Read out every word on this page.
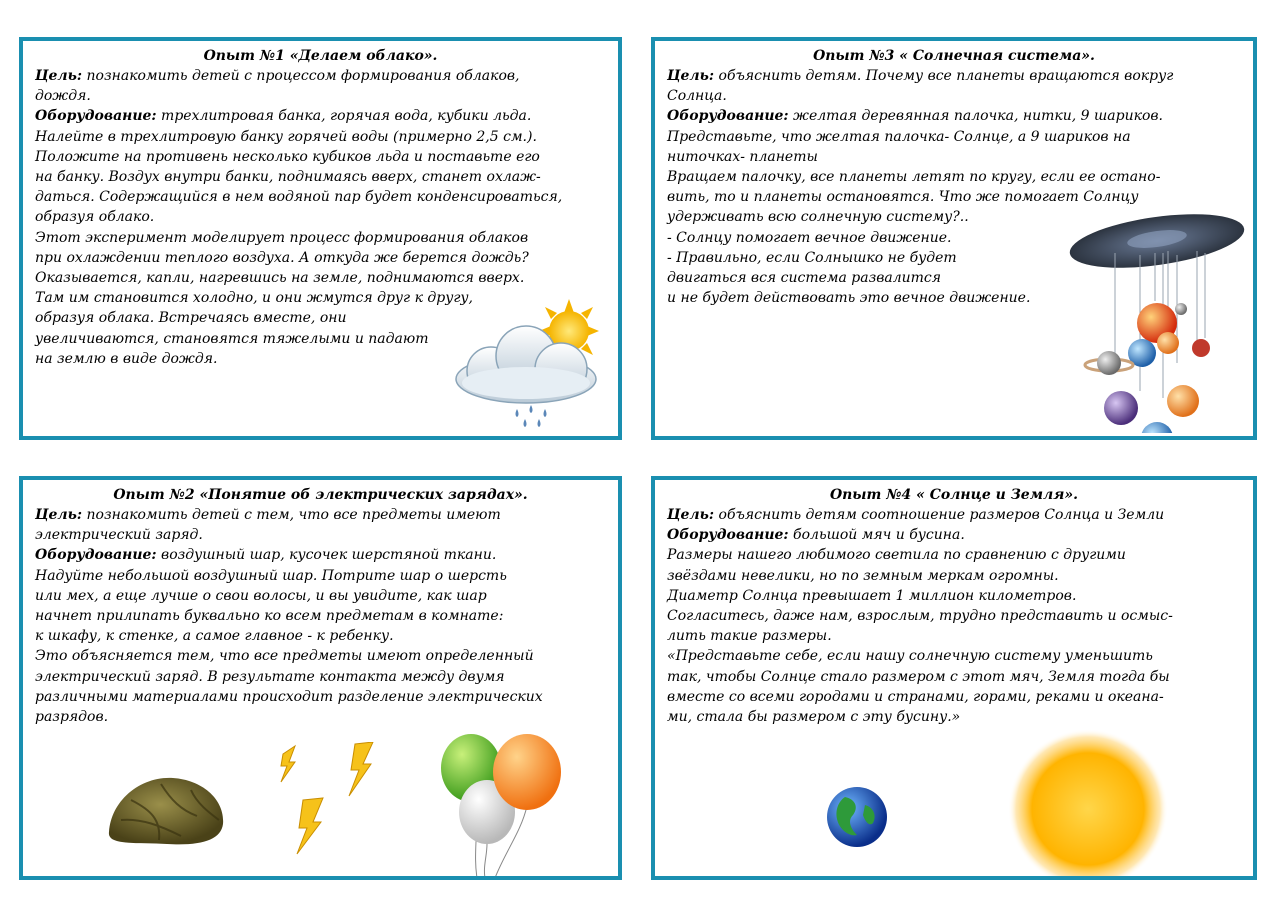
Опыт №1 «Делаем облако».

Цель: познакомить детей с процессом формирования облаков,

дождя.

Оборудование: трехлитровая банка, горячая вода, кубики льда.

Налейте в трехлитровую банку горячей воды (примерно 2,5 см.).

Положите на противень несколько кубиков льда и поставьте его

на банку. Воздух внутри банки, поднимаясь вверх, станет охлаж-

даться. Содержащийся в нем водяной пар будет конденсироваться,

образуя облако.

Этот эксперимент моделирует процесс формирования облаков

при охлаждении теплого воздуха. А откуда же берется дождь?

Оказывается, капли, нагревшись на земле, поднимаются вверх.

Там им становится холодно, и они жмутся друг к другу,

образуя облака. Встречаясь вместе, они

увеличиваются, становятся тяжелыми и падают

на землю в виде дождя.

Опыт №3 « Солнечная система».

Цель: объяснить детям. Почему все планеты вращаются вокруг

Солнца.

Оборудование: желтая деревянная палочка, нитки, 9 шариков.

Представьте, что желтая палочка- Солнце, а 9 шариков на

ниточках- планеты

Вращаем палочку, все планеты летят по кругу, если ее остано-

вить, то и планеты остановятся. Что же помогает Солнцу

удерживать всю солнечную систему?..

- Солнцу помогает вечное движение.

- Правильно, если Солнышко не будет

двигаться вся система развалится

и не будет действовать это вечное движение.

Опыт №2 «Понятие об электрических зарядах».

Цель: познакомить детей с тем, что все предметы имеют

электрический заряд.

Оборудование: воздушный шар, кусочек шерстяной ткани.

Надуйте небольшой воздушный шар. Потрите шар о шерсть

или мех, а еще лучше о свои волосы, и вы увидите, как шар

начнет прилипать буквально ко всем предметам в комнате:

к шкафу, к стенке, а самое главное - к ребенку.

Это объясняется тем, что все предметы имеют определенный

электрический заряд. В результате контакта между двумя

различными материалами происходит разделение электрических

разрядов.

Опыт №4 « Солнце и Земля».

Цель: объяснить детям соотношение размеров Солнца и Земли

Оборудование: большой мяч и бусина.

Размеры нашего любимого светила по сравнению с другими

звёздами невелики, но по земным меркам огромны.

Диаметр Солнца превышает 1 миллион километров.

Согласитесь, даже нам, взрослым, трудно представить и осмыс-

лить такие размеры.

«Представьте себе, если нашу солнечную систему уменьшить

так, чтобы Солнце стало размером с этот мяч, Земля тогда бы

вместе со всеми городами и странами, горами, реками и океана-

ми, стала бы размером с эту бусину.»
